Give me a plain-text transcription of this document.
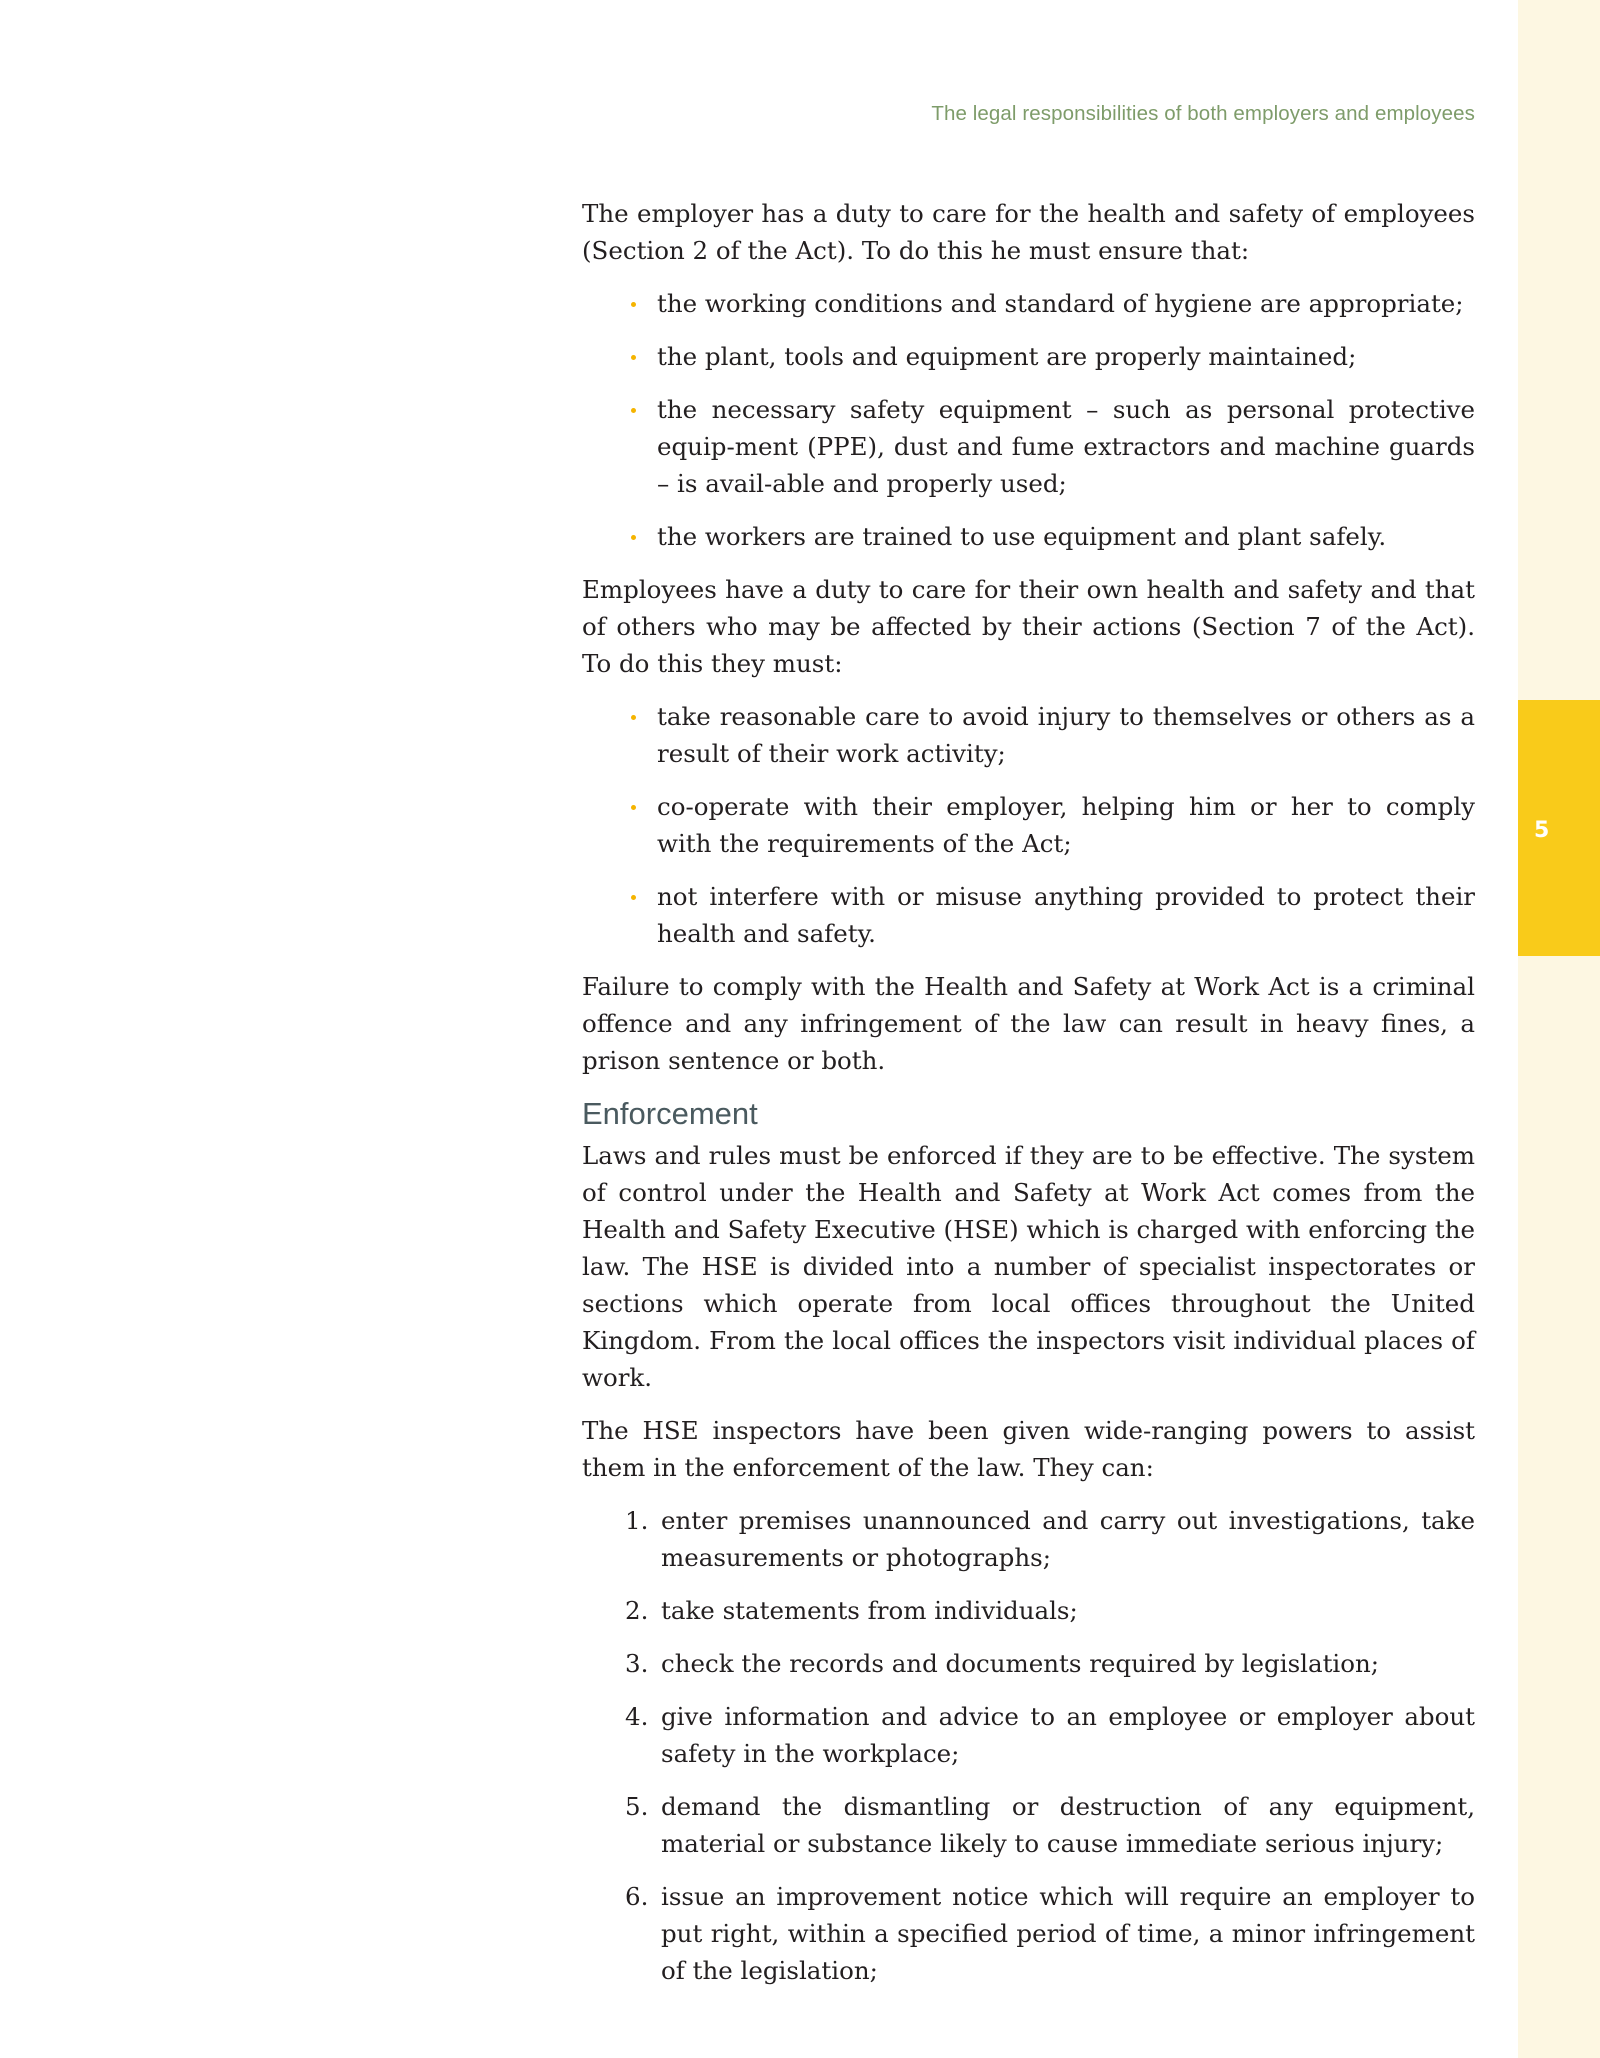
5
The legal responsibilities of both employers and employees

The employer has a duty to care for the health and safety of employees (Section 2 of the Act). To do this he must ensure that:

the working conditions and standard of hygiene are appropriate;
the plant, tools and equipment are properly maintained;
the necessary safety equipment – such as personal protective equip-ment (PPE), dust and fume extractors and machine guards – is avail-able and properly used;
the workers are trained to use equipment and plant safely.

Employees have a duty to care for their own health and safety and that of others who may be affected by their actions (Section 7 of the Act). To do this they must:

take reasonable care to avoid injury to themselves or others as a result of their work activity;
co-operate with their employer, helping him or her to comply with the requirements of the Act;
not interfere with or misuse anything provided to protect their health and safety.

Failure to comply with the Health and Safety at Work Act is a criminal offence and any infringement of the law can result in heavy fines, a prison sentence or both.

Enforcement

Laws and rules must be enforced if they are to be effective. The system of control under the Health and Safety at Work Act comes from the Health and Safety Executive (HSE) which is charged with enforcing the law. The HSE is divided into a number of specialist inspectorates or sections which operate from local offices throughout the United Kingdom. From the local offices the inspectors visit individual places of work.

The HSE inspectors have been given wide-ranging powers to assist them in the enforcement of the law. They can:

1. enter premises unannounced and carry out investigations, take measurements or photographs;
2. take statements from individuals;
3. check the records and documents required by legislation;
4. give information and advice to an employee or employer about safety in the workplace;
5. demand the dismantling or destruction of any equipment, material or substance likely to cause immediate serious injury;
6. issue an improvement notice which will require an employer to put right, within a specified period of time, a minor infringement of the legislation;
